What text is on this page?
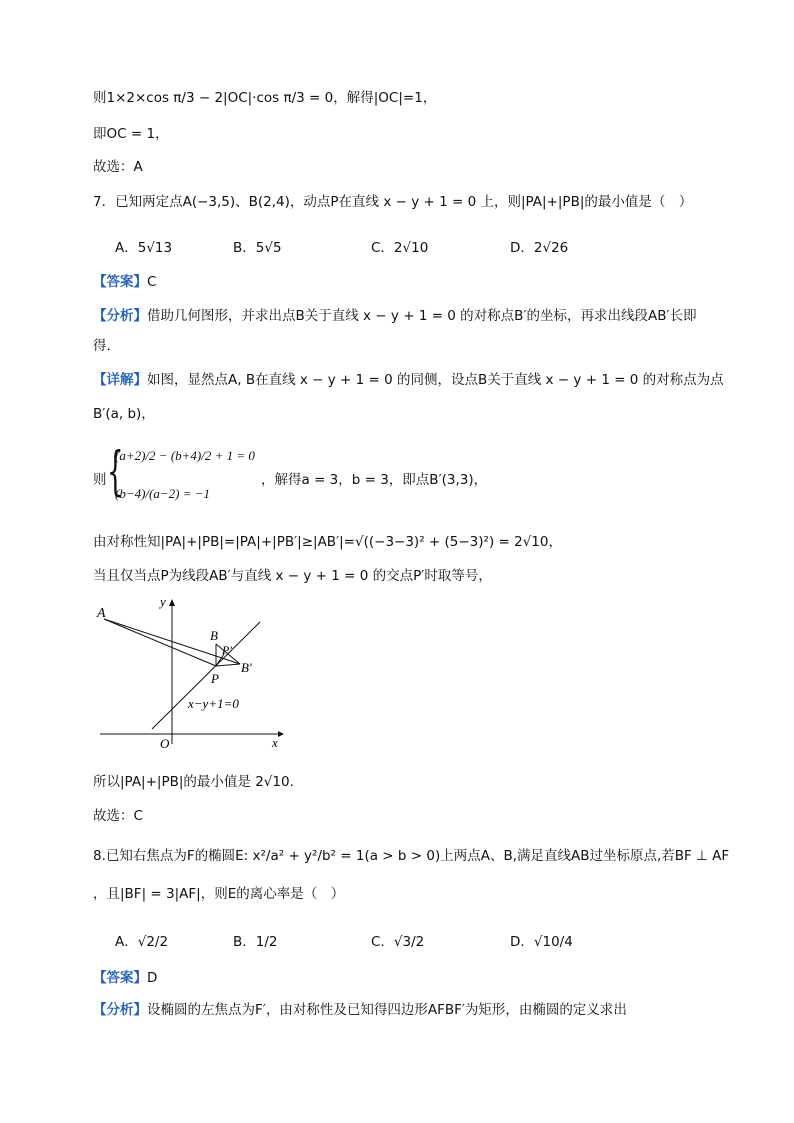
则1×2×cos π/3 − 2|OC|·cos π/3 = 0，解得|OC|=1，
即OC = 1，
故选：A
7．已知两定点A(−3,5)、B(2,4)，动点P在直线 x − y + 1 = 0 上，则|PA|+|PB|的最小值是（　）
A．5√13	B．5√5	C．2√10	D．2√26
【答案】C
【分析】借助几何图形，并求出点B关于直线 x − y + 1 = 0 的对称点B′的坐标，再求出线段AB′长即
得.
【详解】如图，显然点A, B在直线 x − y + 1 = 0 的同侧，设点B关于直线 x − y + 1 = 0 的对称点为点
B′(a, b)，
则 {
(a+2)/2 − (b+4)/2 + 1 = 0
(b−4)/(a−2) = −1
，解得a = 3，b = 3，即点B′(3,3)，
由对称性知|PA|+|PB|=|PA|+|PB′|≥|AB′|=√((−3−3)² + (5−3)²) = 2√10，
当且仅当点P为线段AB′与直线 x − y + 1 = 0 的交点P′时取等号，
A
B
P′
B′
P
x−y+1=0
O	x
y
所以|PA|+|PB|的最小值是 2√10.
故选：C
8.已知右焦点为F的椭圆E: x²/a² + y²/b² = 1(a > b > 0)上两点A、B,满足直线AB过坐标原点,若BF ⊥ AF
，且|BF| = 3|AF|，则E的离心率是（　）
A．√2/2	B．1/2	C．√3/2	D．√10/4
【答案】D
【分析】设椭圆的左焦点为F′，由对称性及已知得四边形AFBF′为矩形，由椭圆的定义求出
